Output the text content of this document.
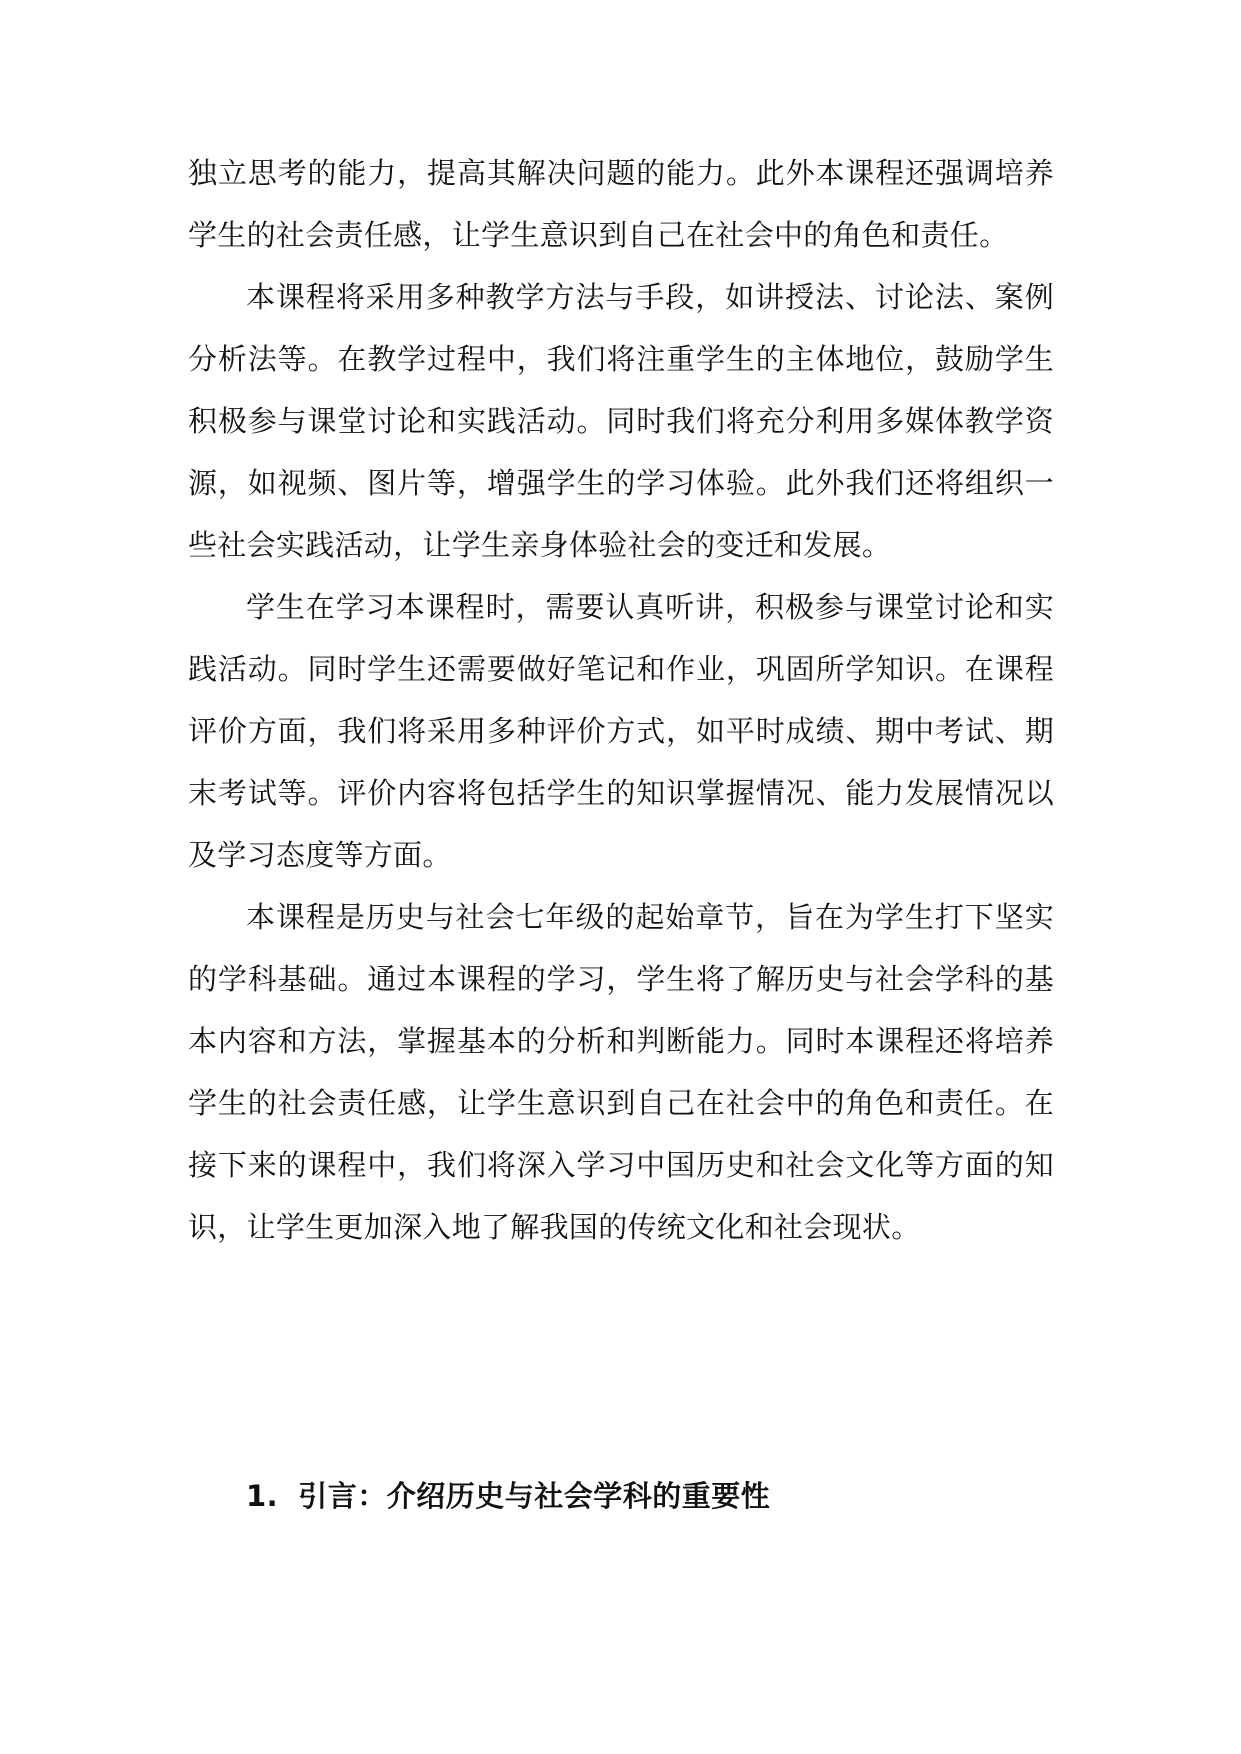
独立思考的能力，提高其解决问题的能力。此外本课程还强调培养学生的社会责任感，让学生意识到自己在社会中的角色和责任。

本课程将采用多种教学方法与手段，如讲授法、讨论法、案例分析法等。在教学过程中，我们将注重学生的主体地位，鼓励学生积极参与课堂讨论和实践活动。同时我们将充分利用多媒体教学资源，如视频、图片等，增强学生的学习体验。此外我们还将组织一些社会实践活动，让学生亲身体验社会的变迁和发展。

学生在学习本课程时，需要认真听讲，积极参与课堂讨论和实践活动。同时学生还需要做好笔记和作业，巩固所学知识。在课程评价方面，我们将采用多种评价方式，如平时成绩、期中考试、期末考试等。评价内容将包括学生的知识掌握情况、能力发展情况以及学习态度等方面。

本课程是历史与社会七年级的起始章节，旨在为学生打下坚实的学科基础。通过本课程的学习，学生将了解历史与社会学科的基本内容和方法，掌握基本的分析和判断能力。同时本课程还将培养学生的社会责任感，让学生意识到自己在社会中的角色和责任。在接下来的课程中，我们将深入学习中国历史和社会文化等方面的知识，让学生更加深入地了解我国的传统文化和社会现状。

1. 引言：介绍历史与社会学科的重要性
